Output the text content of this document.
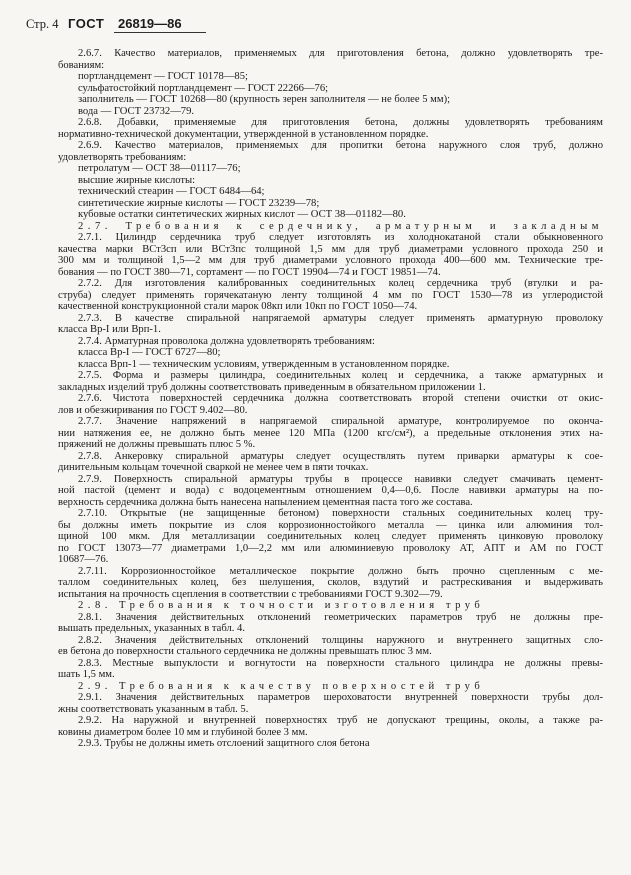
Стр. 4 ГОСТ 26819—86
2.6.7. Качество материалов, применяемых для приготовления бетона, должно удовлетворять тре-
бованиям:
портландцемент — ГОСТ 10178—85;
сульфатостойкий портландцемент — ГОСТ 22266—76;
заполнитель — ГОСТ 10268—80 (крупность зерен заполнителя — не более 5 мм);
вода — ГОСТ 23732—79.
2.6.8. Добавки, применяемые для приготовления бетона, должны удовлетворять требованиям
нормативно-технической документации, утвержденной в установленном порядке.
2.6.9. Качество материалов, применяемых для пропитки бетона наружного слоя труб, должно
удовлетворять требованиям:
петролатум — ОСТ 38—01117—76;
высшие жирные кислоты:
технический стеарин — ГОСТ 6484—64;
синтетические жирные кислоты — ГОСТ 23239—78;
кубовые остатки синтетических жирных кислот — ОСТ 38—01182—80.
2.7. Требования к сердечнику, арматурным и закладным
2.7.1. Цилиндр сердечника труб следует изготовлять из холоднокатаной стали обыкновенного
качества марки ВСт3сп или ВСт3пс толщиной 1,5 мм для труб диаметрами условного прохода 250 и
300 мм и толщиной 1,5—2 мм для труб диаметрами условного прохода 400—600 мм. Технические тре-
бования — по ГОСТ 380—71, сортамент — по ГОСТ 19904—74 и ГОСТ 19851—74.
2.7.2. Для изготовления калиброванных соединительных колец сердечника труб (втулки и ра-
струба) следует применять горячекатаную ленту толщиной 4 мм по ГОСТ 1530—78 из углеродистой
качественной конструкционной стали марок 08кп или 10кп по ГОСТ 1050—74.
2.7.3. В качестве спиральной напрягаемой арматуры следует применять арматурную проволоку
класса Вр-I или Врп-1.
2.7.4. Арматурная проволока должна удовлетворять требованиям:
класса Вр-I — ГОСТ 6727—80;
класса Врп-1 — техническим условиям, утвержденным в установленном порядке.
2.7.5. Форма и размеры цилиндра, соединительных колец и сердечника, а также арматурных и
закладных изделий труб должны соответствовать приведенным в обязательном приложении 1.
2.7.6. Чистота поверхностей сердечника должна соответствовать второй степени очистки от окис-
лов и обезжиривания по ГОСТ 9.402—80.
2.7.7. Значение напряжений в напрягаемой спиральной арматуре, контролируемое по оконча-
нии натяжения ее, не должно быть менее 120 МПа (1200 кгс/см²), а предельные отклонения этих на-
пряжений не должны превышать плюс 5 %.
2.7.8. Анкеровку спиральной арматуры следует осуществлять путем приварки арматуры к сое-
динительным кольцам точечной сваркой не менее чем в пяти точках.
2.7.9. Поверхность спиральной арматуры трубы в процессе навивки следует смачивать цемент-
ной пастой (цемент и вода) с водоцементным отношением 0,4—0,6. После навивки арматуры на по-
верхность сердечника должна быть нанесена напылением цементная паста того же состава.
2.7.10. Открытые (не защищенные бетоном) поверхности стальных соединительных колец тру-
бы должны иметь покрытие из слоя коррозионностойкого металла — цинка или алюминия тол-
щиной 100 мкм. Для металлизации соединительных колец следует применять цинковую проволоку
по ГОСТ 13073—77 диаметрами 1,0—2,2 мм или алюминиевую проволоку АТ, АПТ и АМ по ГОСТ
10687—76.
2.7.11. Коррозионностойкое металлическое покрытие должно быть прочно сцепленным с ме-
таллом соединительных колец, без шелушения, сколов, вздутий и растрескивания и выдерживать
испытания на прочность сцепления в соответствии с требованиями ГОСТ 9.302—79.
2.8. Требования к точности изготовления труб
2.8.1. Значения действительных отклонений геометрических параметров труб не должны пре-
вышать предельных, указанных в табл. 4.
2.8.2. Значения действительных отклонений толщины наружного и внутреннего защитных сло-
ев бетона до поверхности стального сердечника не должны превышать плюс 3 мм.
2.8.3. Местные выпуклости и вогнутости на поверхности стального цилиндра не должны превы-
шать 1,5 мм.
2.9. Требования к качеству поверхностей труб
2.9.1. Значения действительных параметров шероховатости внутренней поверхности трубы дол-
жны соответствовать указанным в табл. 5.
2.9.2. На наружной и внутренней поверхностях труб не допускают трещины, околы, а также ра-
ковины диаметром более 10 мм и глубиной более 3 мм.
2.9.3. Трубы не должны иметь отслоений защитного слоя бетона
